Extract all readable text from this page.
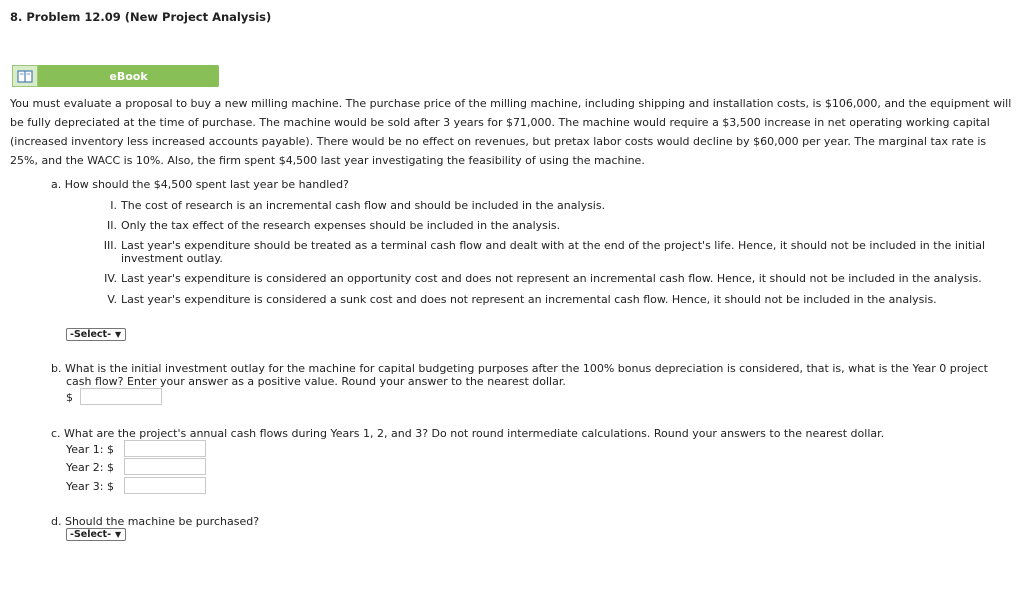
8. Problem 12.09 (New Project Analysis)
eBook
You must evaluate a proposal to buy a new milling machine. The purchase price of the milling machine, including shipping and installation costs, is $106,000, and the equipment will be fully depreciated at the time of purchase. The machine would be sold after 3 years for $71,000. The machine would require a $3,500 increase in net operating working capital (increased inventory less increased accounts payable). There would be no effect on revenues, but pretax labor costs would decline by $60,000 per year. The marginal tax rate is 25%, and the WACC is 10%. Also, the firm spent $4,500 last year investigating the feasibility of using the machine.
a. How should the $4,500 spent last year be handled?
I. The cost of research is an incremental cash flow and should be included in the analysis.
II. Only the tax effect of the research expenses should be included in the analysis.
III. Last year's expenditure should be treated as a terminal cash flow and dealt with at the end of the project's life. Hence, it should not be included in the initial
investment outlay.
IV. Last year's expenditure is considered an opportunity cost and does not represent an incremental cash flow. Hence, it should not be included in the analysis.
V. Last year's expenditure is considered a sunk cost and does not represent an incremental cash flow. Hence, it should not be included in the analysis.
-Select- ▼
b. What is the initial investment outlay for the machine for capital budgeting purposes after the 100% bonus depreciation is considered, that is, what is the Year 0 project
cash flow? Enter your answer as a positive value. Round your answer to the nearest dollar.
$
c. What are the project's annual cash flows during Years 1, 2, and 3? Do not round intermediate calculations. Round your answers to the nearest dollar.
Year 1: $
Year 2: $
Year 3: $
d. Should the machine be purchased?
-Select- ▼
